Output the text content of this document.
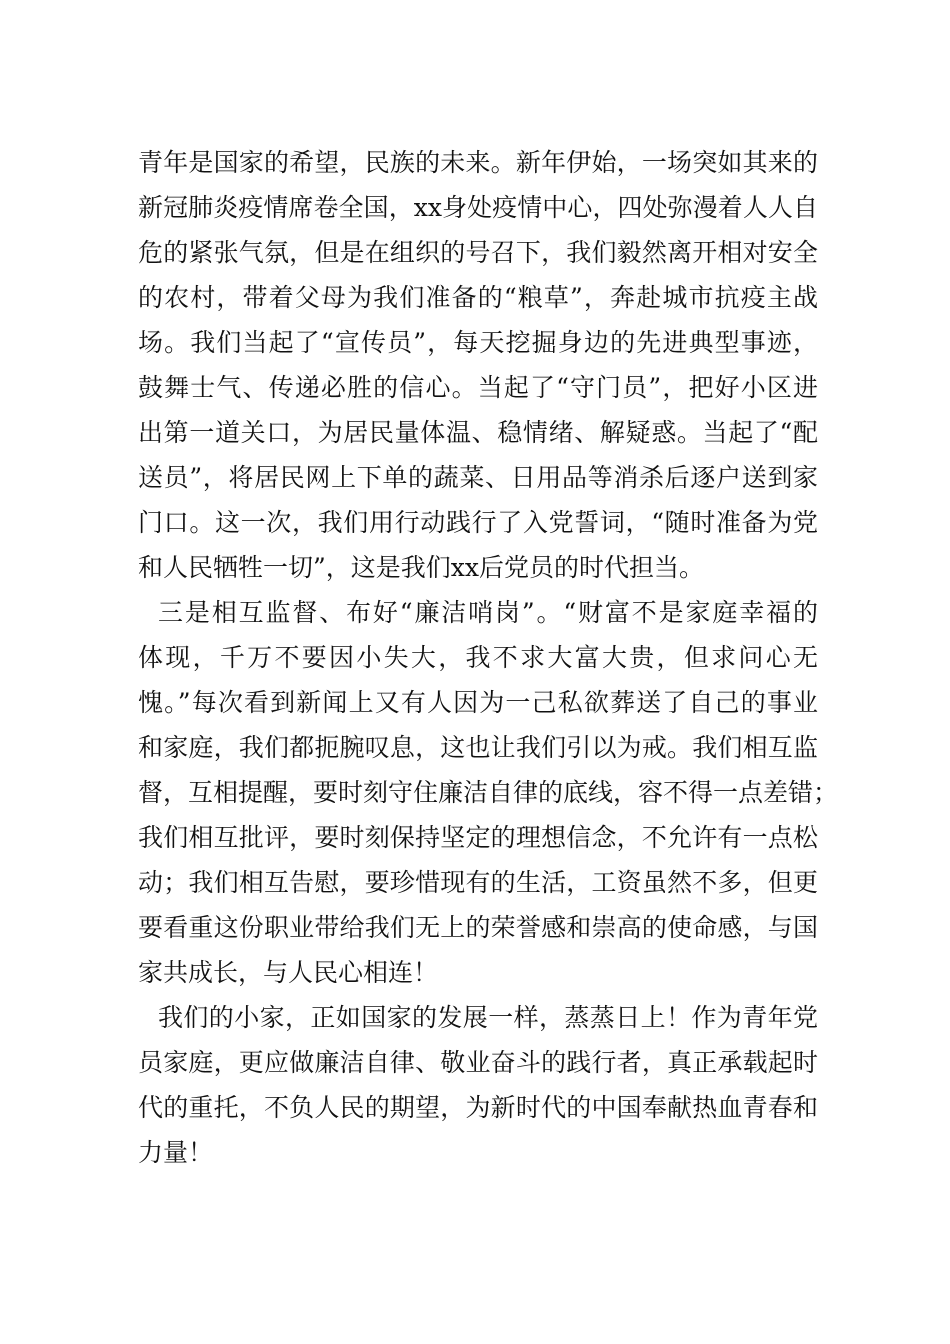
青年是国家的希望，民族的未来。新年伊始，一场突如其来的
新冠肺炎疫情席卷全国，xx身处疫情中心，四处弥漫着人人自
危的紧张气氛，但是在组织的号召下，我们毅然离开相对安全
的农村，带着父母为我们准备的“粮草”，奔赴城市抗疫主战
场。我们当起了“宣传员”，每天挖掘身边的先进典型事迹，
鼓舞士气、传递必胜的信心。当起了“守门员”，把好小区进
出第一道关口，为居民量体温、稳情绪、解疑惑。当起了“配
送员”，将居民网上下单的蔬菜、日用品等消杀后逐户送到家
门口。这一次，我们用行动践行了入党誓词，“随时准备为党
和人民牺牲一切”，这是我们xx后党员的时代担当。
三是相互监督、布好“廉洁哨岗”。“财富不是家庭幸福的
体现，千万不要因小失大，我不求大富大贵，但求问心无
愧。”每次看到新闻上又有人因为一己私欲葬送了自己的事业
和家庭，我们都扼腕叹息，这也让我们引以为戒。我们相互监
督，互相提醒，要时刻守住廉洁自律的底线，容不得一点差错；
我们相互批评，要时刻保持坚定的理想信念，不允许有一点松
动；我们相互告慰，要珍惜现有的生活，工资虽然不多，但更
要看重这份职业带给我们无上的荣誉感和崇高的使命感，与国
家共成长，与人民心相连！
我们的小家，正如国家的发展一样，蒸蒸日上！作为青年党
员家庭，更应做廉洁自律、敬业奋斗的践行者，真正承载起时
代的重托，不负人民的期望，为新时代的中国奉献热血青春和
力量！
